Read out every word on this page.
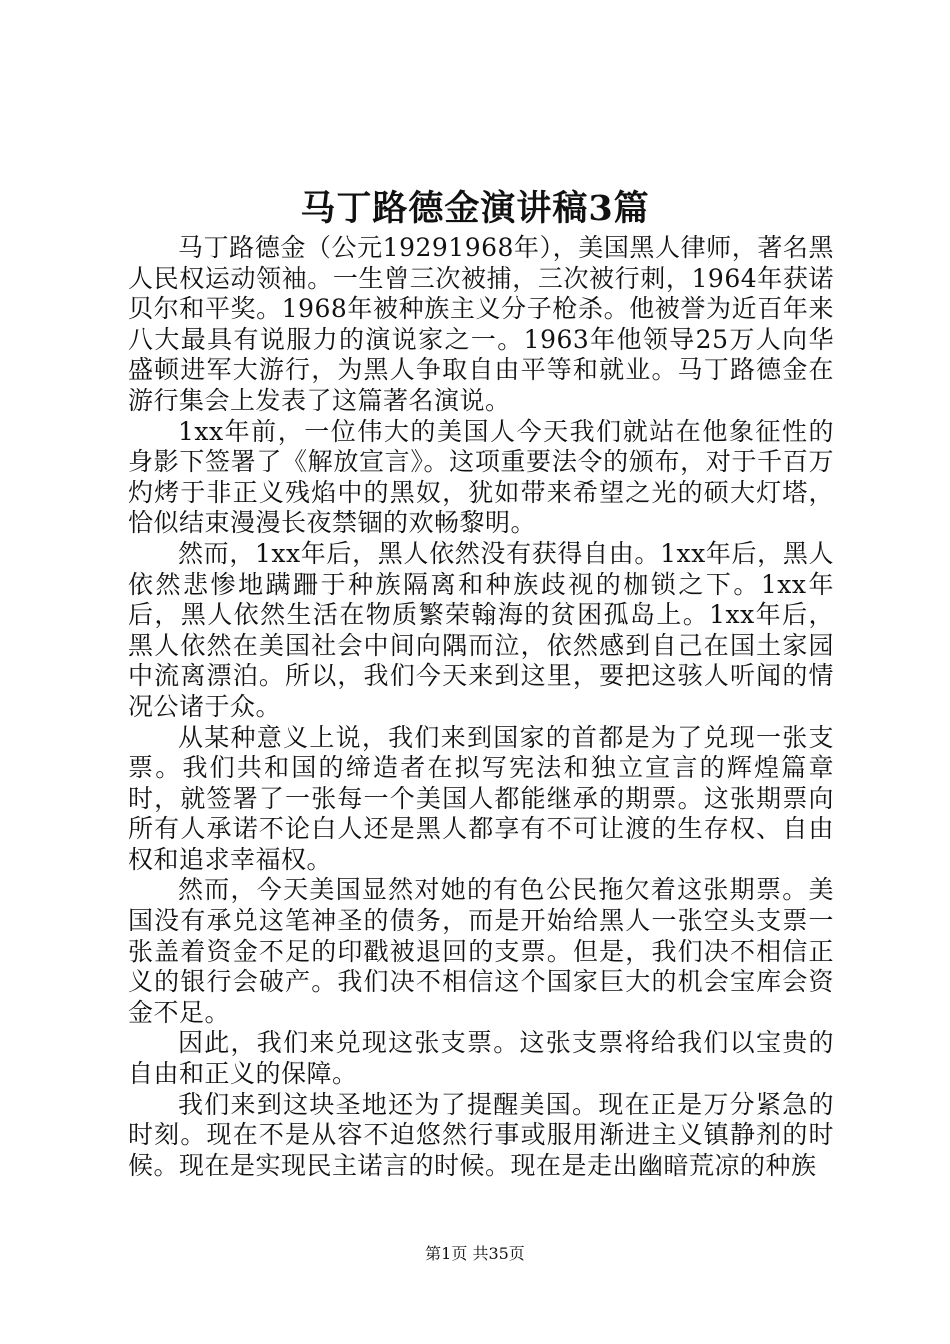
马丁路德金演讲稿3篇

马丁路德金（公元19291968年），美国黑人律师，著名黑人民权运动领袖。一生曾三次被捕，三次被行刺，1964年获诺贝尔和平奖。1968年被种族主义分子枪杀。他被誉为近百年来八大最具有说服力的演说家之一。1963年他领导25万人向华盛顿进军大游行，为黑人争取自由平等和就业。马丁路德金在游行集会上发表了这篇著名演说。

1xx年前，一位伟大的美国人今天我们就站在他象征性的身影下签署了《解放宣言》。这项重要法令的颁布，对于千百万灼烤于非正义残焰中的黑奴，犹如带来希望之光的硕大灯塔，恰似结束漫漫长夜禁锢的欢畅黎明。

然而，1xx年后，黑人依然没有获得自由。1xx年后，黑人依然悲惨地蹒跚于种族隔离和种族歧视的枷锁之下。1xx年后，黑人依然生活在物质繁荣翰海的贫困孤岛上。1xx年后，黑人依然在美国社会中间向隅而泣，依然感到自己在国土家园中流离漂泊。所以，我们今天来到这里，要把这骇人听闻的情况公诸于众。

从某种意义上说，我们来到国家的首都是为了兑现一张支票。我们共和国的缔造者在拟写宪法和独立宣言的辉煌篇章时，就签署了一张每一个美国人都能继承的期票。这张期票向所有人承诺不论白人还是黑人都享有不可让渡的生存权、自由权和追求幸福权。

然而，今天美国显然对她的有色公民拖欠着这张期票。美国没有承兑这笔神圣的债务，而是开始给黑人一张空头支票一张盖着资金不足的印戳被退回的支票。但是，我们决不相信正义的银行会破产。我们决不相信这个国家巨大的机会宝库会资金不足。

因此，我们来兑现这张支票。这张支票将给我们以宝贵的自由和正义的保障。

我们来到这块圣地还为了提醒美国。现在正是万分紧急的时刻。现在不是从容不迫悠然行事或服用渐进主义镇静剂的时候。现在是实现民主诺言的时候。现在是走出幽暗荒凉的种族

第1页 共35页
